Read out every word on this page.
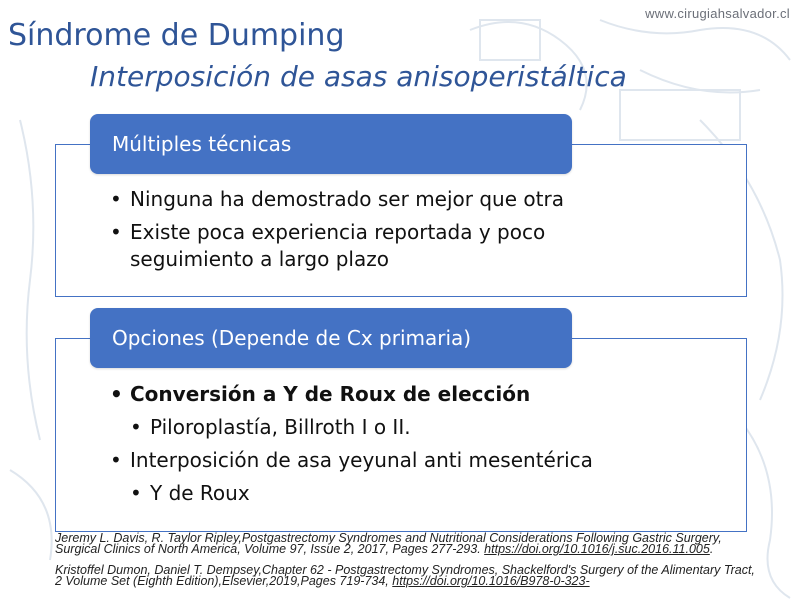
www.cirugiahsalvador.cl
Síndrome de Dumping
Interposición de asas anisoperistáltica
Múltiples técnicas
• Ninguna ha demostrado ser mejor que otra
• Existe poca experiencia reportada y poco seguimiento a largo plazo
Opciones (Depende de Cx primaria)
• Conversión a Y de Roux de elección
• Piloroplastía, Billroth I o II.
• Interposición de asa yeyunal anti mesentérica
• Y de Roux
Jeremy L. Davis, R. Taylor Ripley,Postgastrectomy Syndromes and Nutritional Considerations Following Gastric Surgery, Surgical Clinics of North America, Volume 97, Issue 2, 2017, Pages 277-293. https://doi.org/10.1016/j.suc.2016.11.005.
Kristoffel Dumon, Daniel T. Dempsey,Chapter 62 - Postgastrectomy Syndromes, Shackelford's Surgery of the Alimentary Tract, 2 Volume Set (Eighth Edition),Elsevier,2019,Pages 719-734, https://doi.org/10.1016/B978-0-323-
